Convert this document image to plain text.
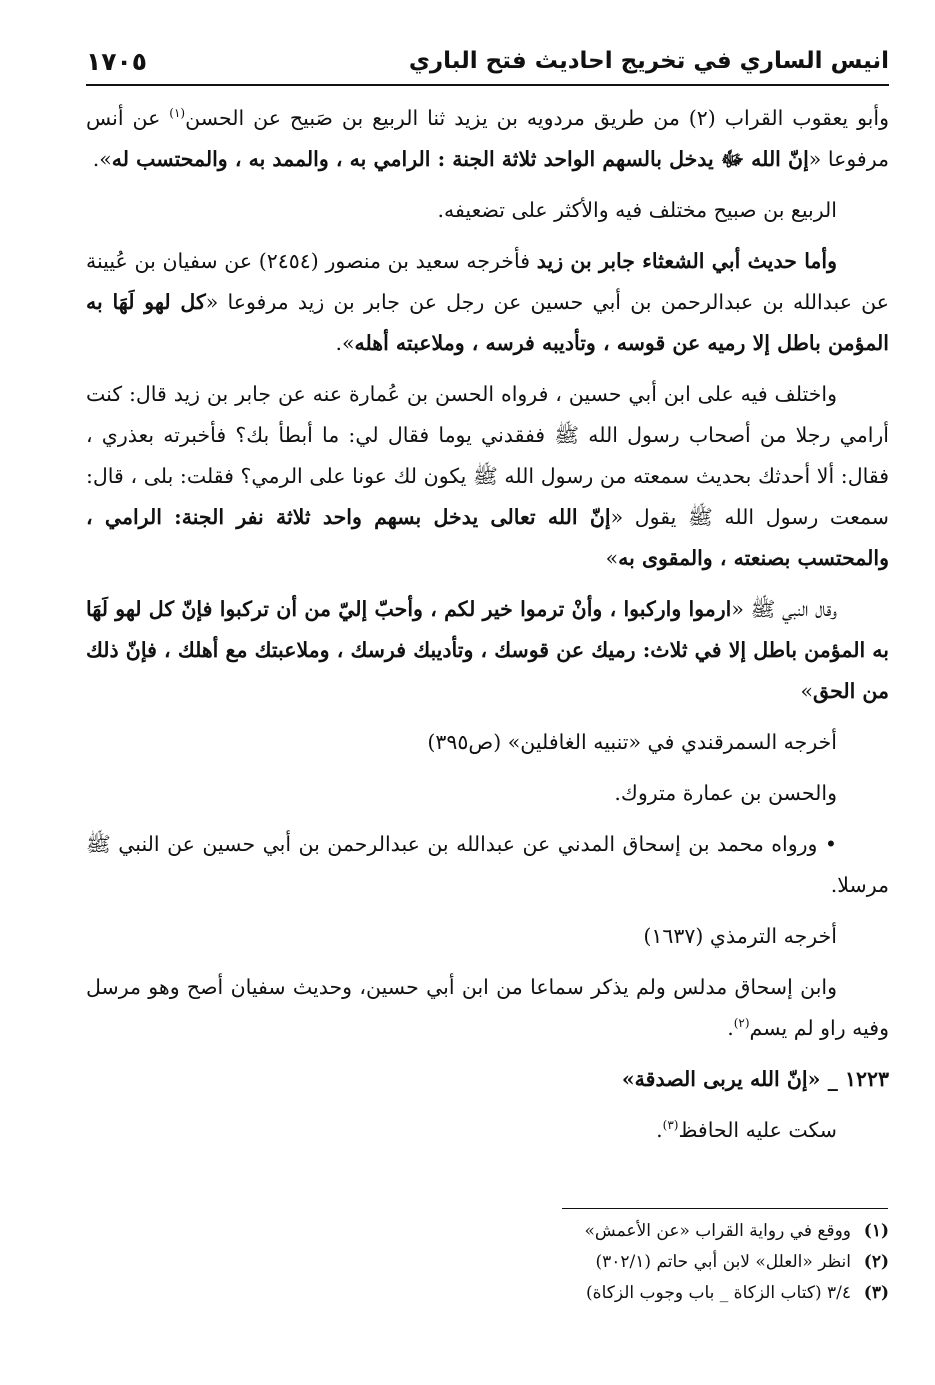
انيس الساري في تخريج احاديث فتح الباري
١٧٠٥

وأبو يعقوب القراب (٢) من طريق مردويه بن يزيد ثنا الربيع بن صَبيح عن الحسن$^{(١)}$ عن أنس مرفوعا «إنّ الله ﷻ يدخل بالسهم الواحد ثلاثة الجنة : الرامي به ، والممد به ، والمحتسب له».

الربيع بن صبيح مختلف فيه والأكثر على تضعيفه.

وأما حديث أبي الشعثاء جابر بن زيد فأخرجه سعيد بن منصور (٢٤٥٤) عن سفيان بن عُيينة عن عبدالله بن عبدالرحمن بن أبي حسين عن رجل عن جابر بن زيد مرفوعا «كل لهو لَهَا به المؤمن باطل إلا رميه عن قوسه ، وتأديبه فرسه ، وملاعبته أهله».

واختلف فيه على ابن أبي حسين ، فرواه الحسن بن عُمارة عنه عن جابر بن زيد قال: كنت أرامي رجلا من أصحاب رسول الله ﷺ ففقدني يوما فقال لي: ما أبطأ بك؟ فأخبرته بعذري ، فقال: ألا أحدثك بحديث سمعته من رسول الله ﷺ يكون لك عونا على الرمي؟ فقلت: بلى ، قال: سمعت رسول الله ﷺ يقول «إنّ الله تعالى يدخل بسهم واحد ثلاثة نفر الجنة: الرامي ، والمحتسب بصنعته ، والمقوى به»

وقال النبي ﷺ «ارموا واركبوا ، وأنْ ترموا خير لكم ، وأحبّ إليّ من أن تركبوا فإنّ كل لهو لَهَا به المؤمن باطل إلا في ثلاث: رميك عن قوسك ، وتأديبك فرسك ، وملاعبتك مع أهلك ، فإنّ ذلك من الحق»

أخرجه السمرقندي في «تنبيه الغافلين» (ص٣٩٥)

والحسن بن عمارة متروك.

• ورواه محمد بن إسحاق المدني عن عبدالله بن عبدالرحمن بن أبي حسين عن النبي ﷺ مرسلا.

أخرجه الترمذي (١٦٣٧)

وابن إسحاق مدلس ولم يذكر سماعا من ابن أبي حسين، وحديث سفيان أصح وهو مرسل وفيه راو لم يسم$^{(٢)}$.

١٢٢٣ _ «إنّ الله يربى الصدقة»

سكت عليه الحافظ$^{(٣)}$.

(١)
ووقع في رواية القراب «عن الأعمش»
(٢)
انظر «العلل» لابن أبي حاتم (٣٠٢/١)
(٣)
٣/٤ (كتاب الزكاة _ باب وجوب الزكاة)
